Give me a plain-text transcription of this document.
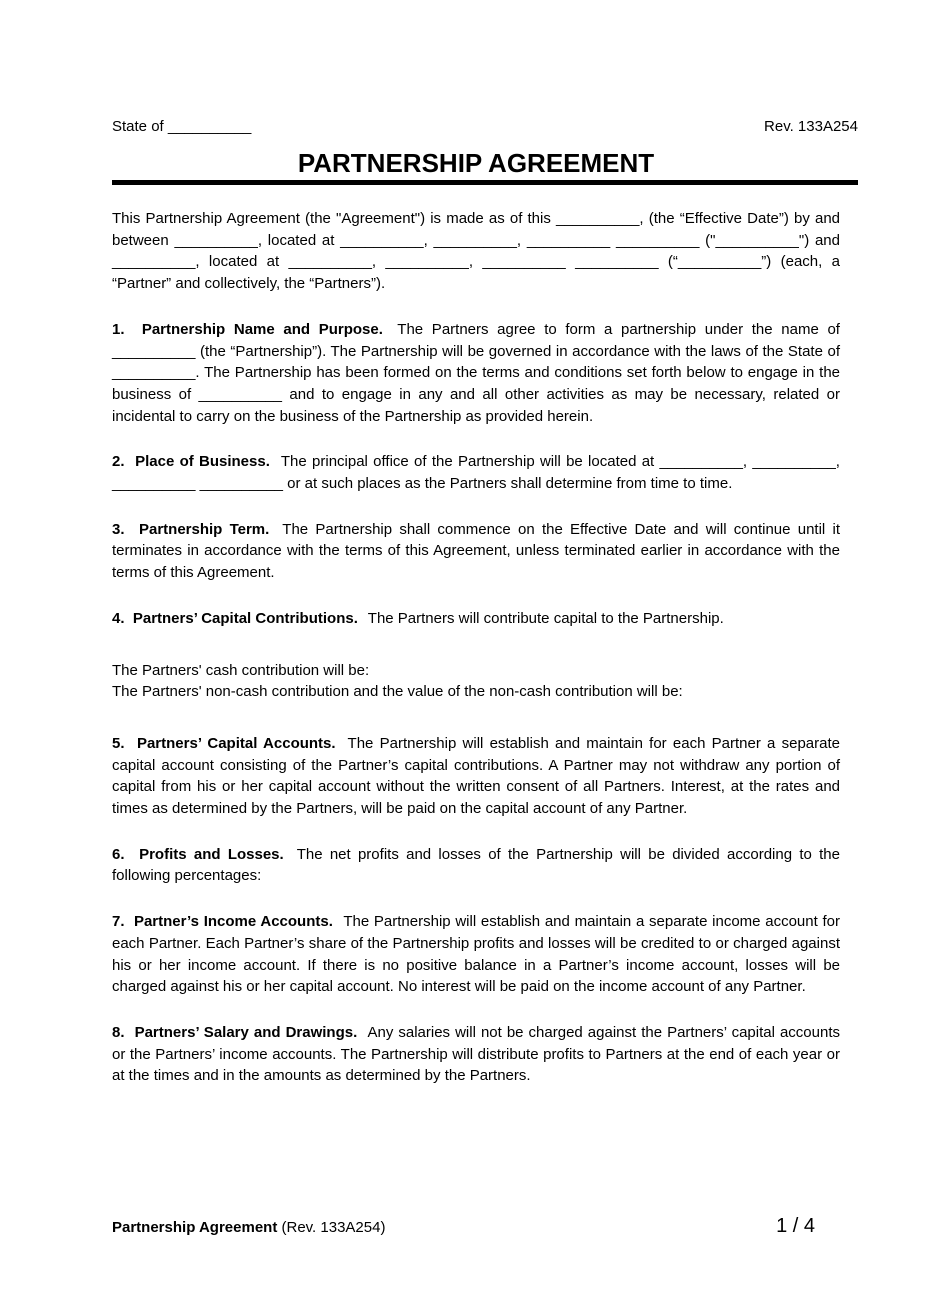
State of __________	Rev. 133A254
PARTNERSHIP AGREEMENT

This Partnership Agreement (the "Agreement") is made as of this __________, (the “Effective Date”) by and between __________, located at __________, __________, __________ __________ ("__________") and __________, located at __________, __________, __________ __________ (“__________”) (each, a “Partner” and collectively, the “Partners”).

1.  Partnership Name and Purpose. The Partners agree to form a partnership under the name of __________ (the “Partnership”). The Partnership will be governed in accordance with the laws of the State of __________. The Partnership has been formed on the terms and conditions set forth below to engage in the business of __________ and to engage in any and all other activities as may be necessary, related or incidental to carry on the business of the Partnership as provided herein.

2.  Place of Business. The principal office of the Partnership will be located at __________, __________, __________ __________ or at such places as the Partners shall determine from time to time.

3.  Partnership Term. The Partnership shall commence on the Effective Date and will continue until it terminates in accordance with the terms of this Agreement, unless terminated earlier in accordance with the terms of this Agreement.

4.  Partners’ Capital Contributions. The Partners will contribute capital to the Partnership.

The Partners' cash contribution will be:

The Partners' non-cash contribution and the value of the non-cash contribution will be:

5.  Partners’ Capital Accounts. The Partnership will establish and maintain for each Partner a separate capital account consisting of the Partner’s capital contributions. A Partner may not withdraw any portion of capital from his or her capital account without the written consent of all Partners. Interest, at the rates and times as determined by the Partners, will be paid on the capital account of any Partner.

6.  Profits and Losses. The net profits and losses of the Partnership will be divided according to the following percentages:

7.  Partner’s Income Accounts. The Partnership will establish and maintain a separate income account for each Partner. Each Partner’s share of the Partnership profits and losses will be credited to or charged against his or her income account. If there is no positive balance in a Partner’s income account, losses will be charged against his or her capital account. No interest will be paid on the income account of any Partner.

8.  Partners’ Salary and Drawings. Any salaries will not be charged against the Partners’ capital accounts or the Partners’ income accounts. The Partnership will distribute profits to Partners at the end of each year or at the times and in the amounts as determined by the Partners.

Partnership Agreement (Rev. 133A254)	1 / 4
